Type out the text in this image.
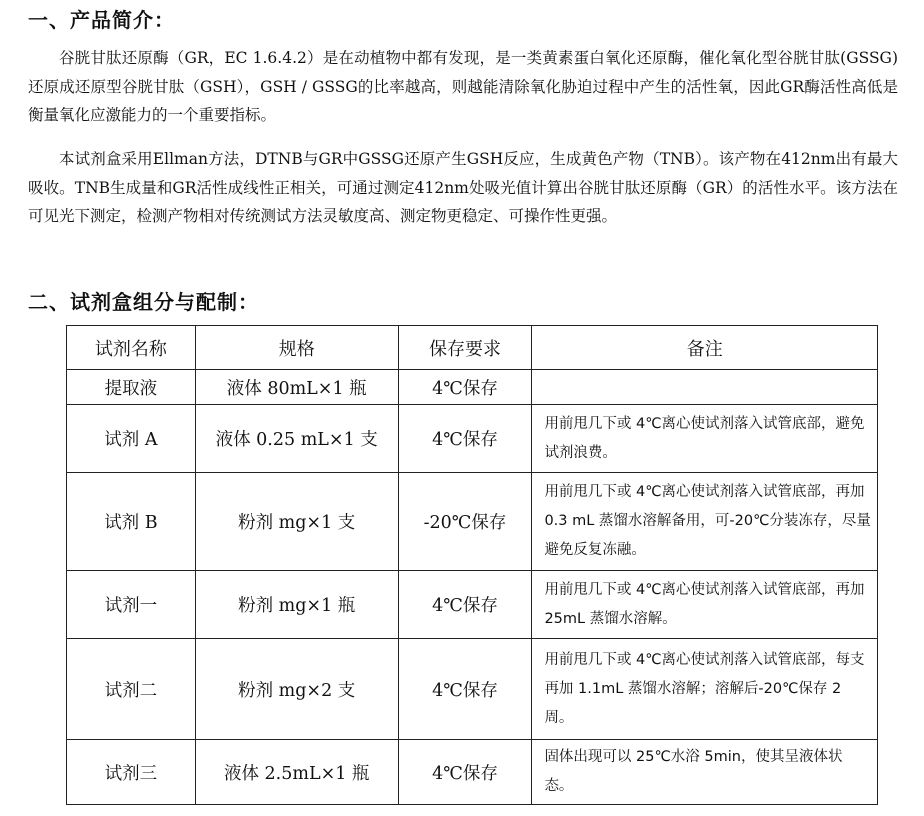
一、产品简介：
谷胱甘肽还原酶（GR，EC 1.6.4.2）是在动植物中都有发现，是一类黄素蛋白氧化还原酶，催化氧化型谷胱甘肽(GSSG)还原成还原型谷胱甘肽（GSH），GSH / GSSG的比率越高，则越能清除氧化胁迫过程中产生的活性氧，因此GR酶活性高低是衡量氧化应激能力的一个重要指标。
本试剂盒采用Ellman方法，DTNB与GR中GSSG还原产生GSH反应，生成黄色产物（TNB）。该产物在412nm出有最大吸收。TNB生成量和GR活性成线性正相关，可通过测定412nm处吸光值计算出谷胱甘肽还原酶（GR）的活性水平。该方法在可见光下测定，检测产物相对传统测试方法灵敏度高、测定物更稳定、可操作性更强。
二、试剂盒组分与配制：
试剂名称	规格	保存要求	备注
提取液	液体 80mL×1 瓶	4℃保存	
试剂 A	液体 0.25 mL×1 支	4℃保存	用前甩几下或 4℃离心使试剂落入试管底部，避免试剂浪费。
试剂 B	粉剂 mg×1 支	-20℃保存	用前甩几下或 4℃离心使试剂落入试管底部，再加 0.3 mL 蒸馏水溶解备用，可-20℃分装冻存，尽量避免反复冻融。
试剂一	粉剂 mg×1 瓶	4℃保存	用前甩几下或 4℃离心使试剂落入试管底部，再加 25mL 蒸馏水溶解。
试剂二	粉剂 mg×2 支	4℃保存	用前甩几下或 4℃离心使试剂落入试管底部，每支再加 1.1mL 蒸馏水溶解；溶解后-20℃保存 2 周。
试剂三	液体 2.5mL×1 瓶	4℃保存	固体出现可以 25℃水浴 5min，使其呈液体状态。
